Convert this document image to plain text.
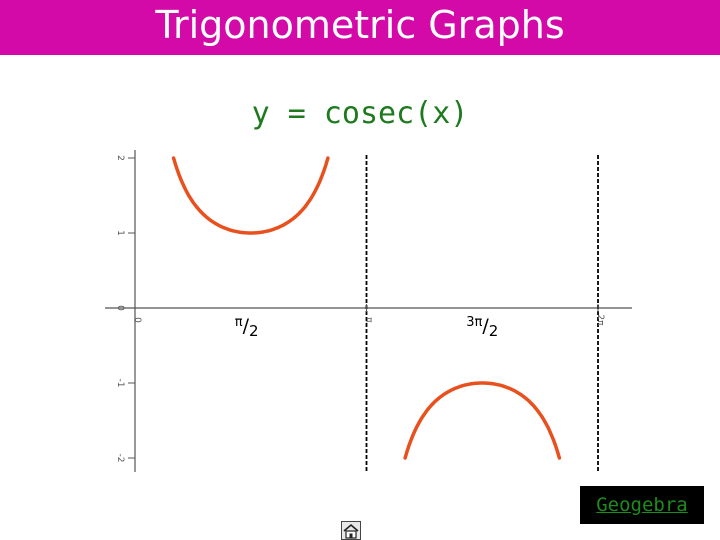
Trigonometric Graphs
y = cosec(x)
2
1
0
-1
-2
0	π	2π
$^\pi$/2	$^{3\pi}$/2
Geogebra
